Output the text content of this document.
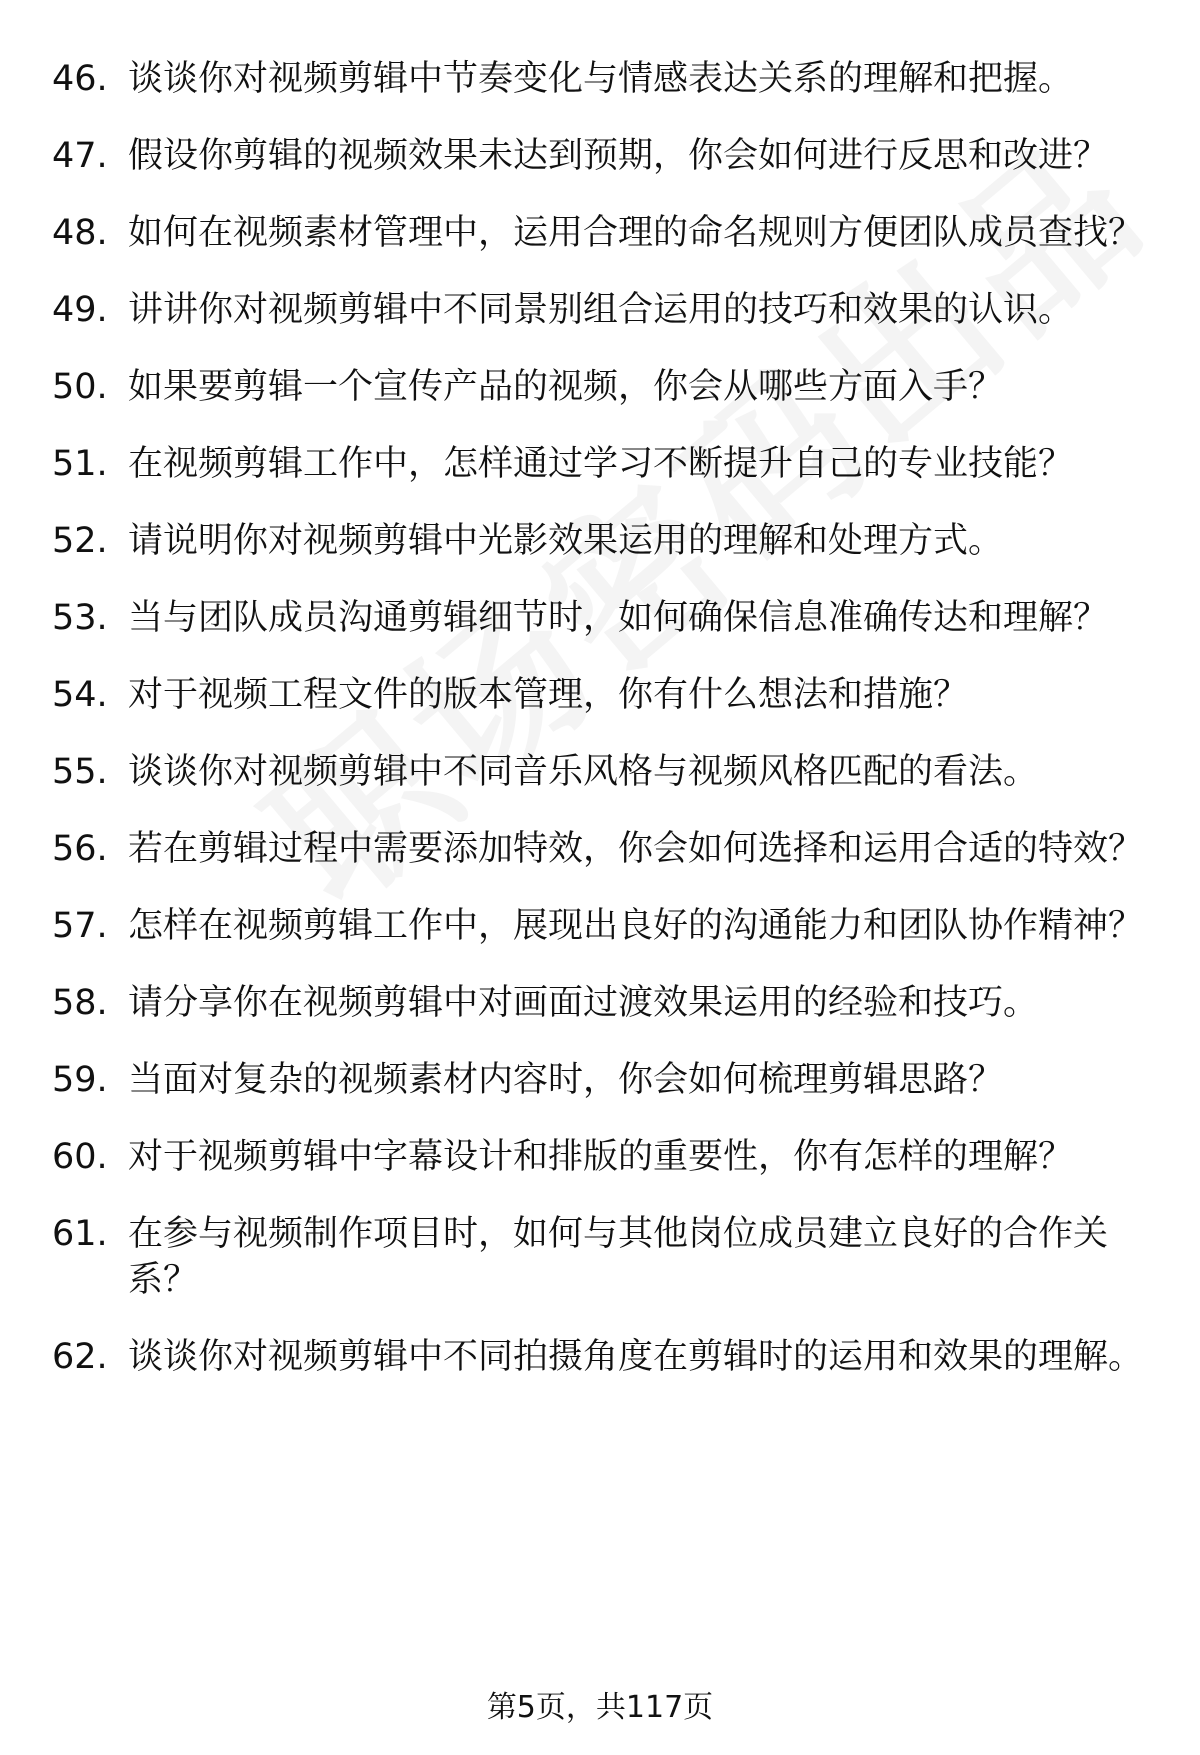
46. 谈谈你对视频剪辑中节奏变化与情感表达关系的理解和把握。
47. 假设你剪辑的视频效果未达到预期，你会如何进行反思和改进？
48. 如何在视频素材管理中，运用合理的命名规则方便团队成员查找？
49. 讲讲你对视频剪辑中不同景别组合运用的技巧和效果的认识。
50. 如果要剪辑一个宣传产品的视频，你会从哪些方面入手？
51. 在视频剪辑工作中，怎样通过学习不断提升自己的专业技能？
52. 请说明你对视频剪辑中光影效果运用的理解和处理方式。
53. 当与团队成员沟通剪辑细节时，如何确保信息准确传达和理解？
54. 对于视频工程文件的版本管理，你有什么想法和措施？
55. 谈谈你对视频剪辑中不同音乐风格与视频风格匹配的看法。
56. 若在剪辑过程中需要添加特效，你会如何选择和运用合适的特效？
57. 怎样在视频剪辑工作中，展现出良好的沟通能力和团队协作精神？
58. 请分享你在视频剪辑中对画面过渡效果运用的经验和技巧。
59. 当面对复杂的视频素材内容时，你会如何梳理剪辑思路？
60. 对于视频剪辑中字幕设计和排版的重要性，你有怎样的理解？
61. 在参与视频制作项目时，如何与其他岗位成员建立良好的合作关系？
62. 谈谈你对视频剪辑中不同拍摄角度在剪辑时的运用和效果的理解。
第5页，共117页
